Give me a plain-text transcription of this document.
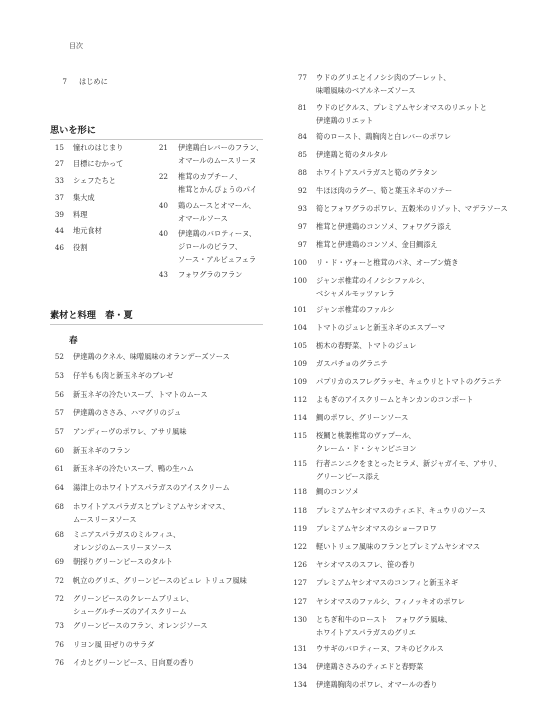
目次
7 はじめに
思いを形に
15 憧れのはじまり
27 目標にむかって
33 シェフたちと
37 集大成
39 料理
44 地元食材
46 役割
21 伊達鶏白レバーのフラン、
オマールのムースリーヌ
22 椎茸のカプチーノ、
椎茸とかんぴょうのパイ
40 鶏のムースとオマール、
オマールソース
40 伊達鶏のバロティーヌ、
ジロールのピラフ、
ソース・アルビュフェラ
43 フォワグラのフラン
素材と料理　春・夏
春
52 伊達鶏のクネル、味噌風味のオランデーズソース
53 仔羊もも肉と新玉ネギのブレゼ
56 新玉ネギの冷たいスープ、トマトのムース
57 伊達鶏のささみ、ハマグリのジュ
57 アンディーヴのポワレ、アサリ風味
60 新玉ネギのフラン
61 新玉ネギの冷たいスープ、鴨の生ハム
64 湯津上のホワイトアスパラガスのアイスクリーム
68 ホワイトアスパラガスとプレミアムヤシオマス、
ムースリーヌソース
68 ミニアスパラガスのミルフィユ、
オレンジのムースリーヌソース
69 朝採りグリーンピースのタルト
72 帆立のグリエ、グリーンピースのピュレ トリュフ風味
72 グリーンピースのクレームブリュレ、
シューグルチーズのアイスクリーム
73 グリーンピースのフラン、オレンジソース
76 リヨン風 田ぜりのサラダ
76 イカとグリーンピース、日向夏の香り
77 ウドのグリエとイノシシ肉のブーレット、
味噌風味のベアルネーズソース
81 ウドのピクルス、プレミアムヤシオマスのリエットと
伊達鶏のリエット
84 筍のロースト、鶏胸肉と白レバーのポワレ
85 伊達鶏と筍のタルタル
88 ホワイトアスパラガスと筍のグラタン
92 牛ほほ肉のラグー、筍と葉玉ネギのソテー
93 筍とフォワグラのポワレ、五穀米のリゾット、マデラソース
97 椎茸と伊達鶏のコンソメ、フォワグラ添え
97 椎茸と伊達鶏のコンソメ、金目鯛添え
100 リ・ド・ヴォーと椎茸のパネ、オーブン焼き
100 ジャンボ椎茸のイノシシファルシ、
ベシャメルモッツァレラ
101 ジャンボ椎茸のファルシ
104 トマトのジュレと新玉ネギのエスプーマ
105 栃木の春野菜、トマトのジュレ
109 ガスパチョのグラニテ
109 パプリカのスフレグラッセ、キュウリとトマトのグラニテ
112 よもぎのアイスクリームとキンカンのコンポート
114 鯛のポワレ、グリーンソース
115 桜鯛と桃製椎茸のヴァプール、
クレーム・ド・シャンピニヨン
115 行者ニンニクをまとったヒラメ、新ジャガイモ、アサリ、
グリーンピース添え
118 鯛のコンソメ
118 プレミアムヤシオマスのティエド、キュウリのソース
119 プレミアムヤシオマスのショーフロワ
122 軽いトリュフ風味のフランとプレミアムヤシオマス
126 ヤシオマスのスフレ、笹の香り
127 プレミアムヤシオマスのコンフィと新玉ネギ
127 ヤシオマスのファルシ、フィノッキオのポワレ
130 とちぎ和牛のロースト　フォワグラ風味、
ホワイトアスパラガスのグリエ
131 ウサギのバロティーヌ、フキのピクルス
134 伊達鶏ささみのティエドと春野菜
134 伊達鶏胸肉のポワレ、オマールの香り
